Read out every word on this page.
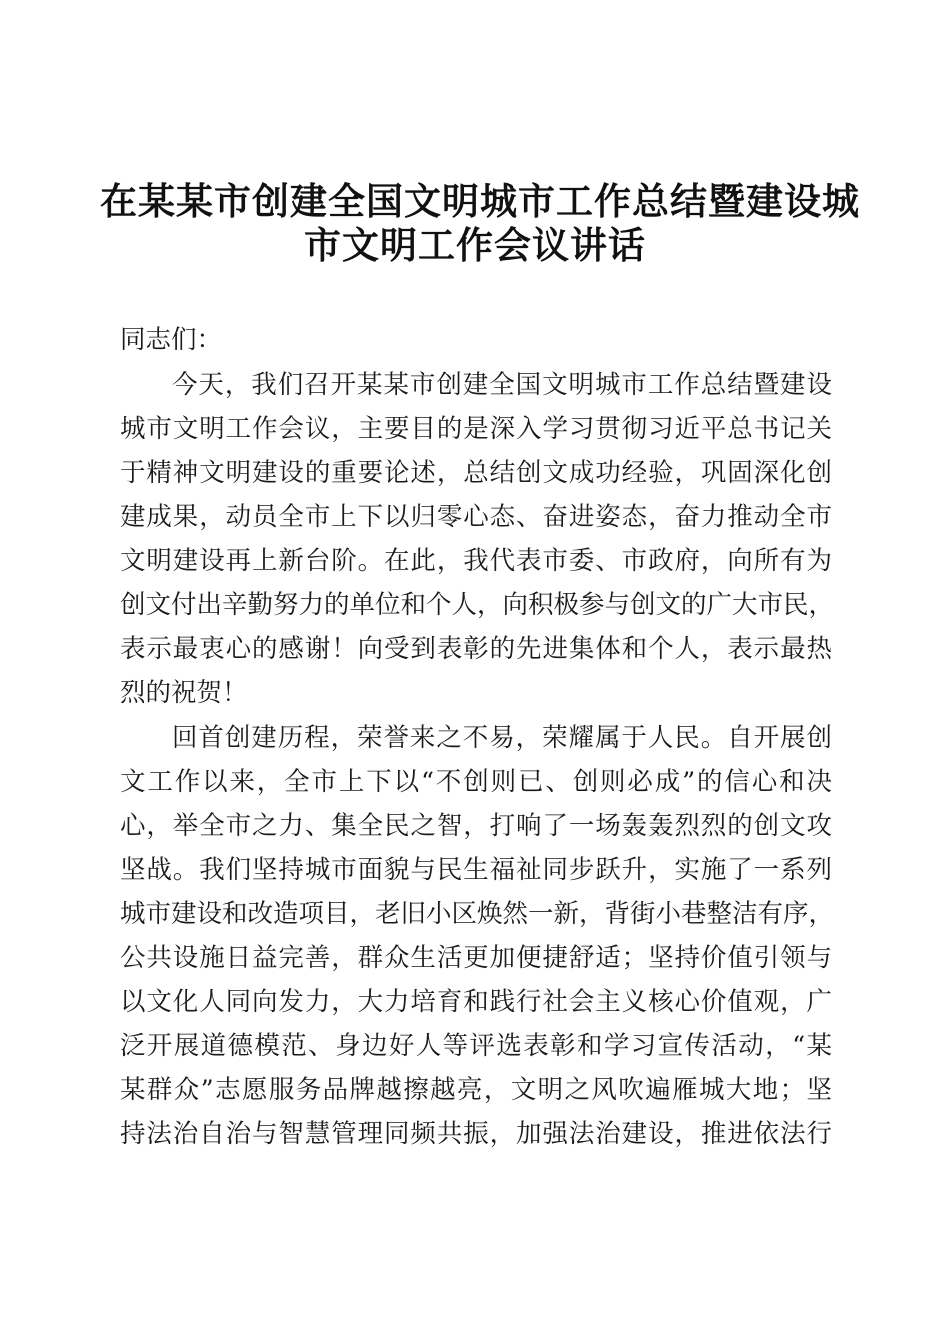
在某某市创建全国文明城市工作总结暨建设城
市文明工作会议讲话
同志们：
今天，我们召开某某市创建全国文明城市工作总结暨建设
城市文明工作会议，主要目的是深入学习贯彻习近平总书记关
于精神文明建设的重要论述，总结创文成功经验，巩固深化创
建成果，动员全市上下以归零心态、奋进姿态，奋力推动全市
文明建设再上新台阶。在此，我代表市委、市政府，向所有为
创文付出辛勤努力的单位和个人，向积极参与创文的广大市民，
表示最衷心的感谢！向受到表彰的先进集体和个人，表示最热
烈的祝贺！
回首创建历程，荣誉来之不易，荣耀属于人民。自开展创
文工作以来，全市上下以“不创则已、创则必成”的信心和决
心，举全市之力、集全民之智，打响了一场轰轰烈烈的创文攻
坚战。我们坚持城市面貌与民生福祉同步跃升，实施了一系列
城市建设和改造项目，老旧小区焕然一新，背街小巷整洁有序，
公共设施日益完善，群众生活更加便捷舒适；坚持价值引领与
以文化人同向发力，大力培育和践行社会主义核心价值观，广
泛开展道德模范、身边好人等评选表彰和学习宣传活动，“某
某群众”志愿服务品牌越擦越亮，文明之风吹遍雁城大地；坚
持法治自治与智慧管理同频共振，加强法治建设，推进依法行
